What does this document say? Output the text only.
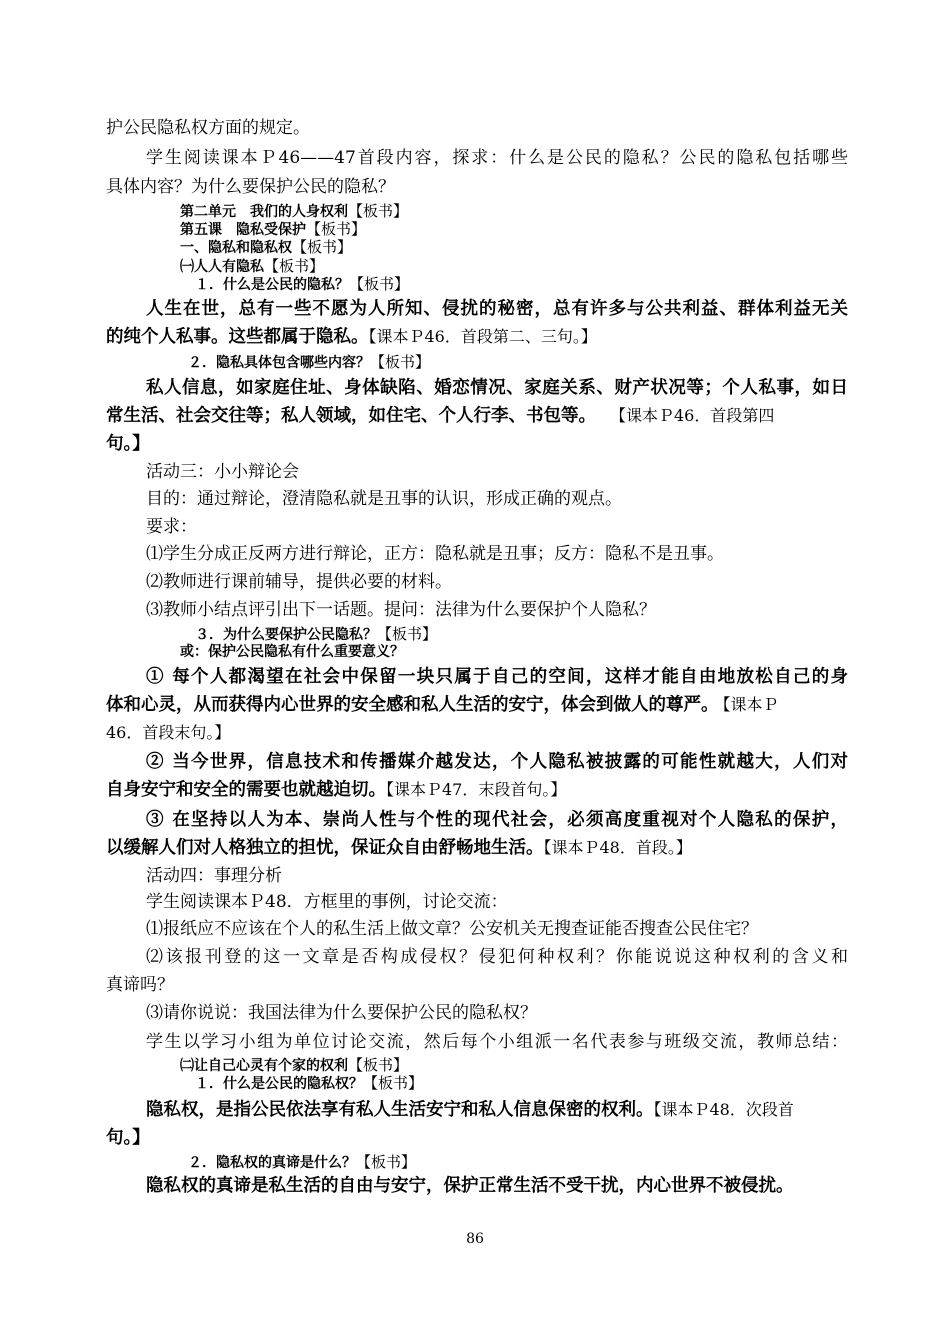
护公民隐私权方面的规定。
学生阅读课本Ｐ46——47首段内容，探求：什么是公民的隐私？公民的隐私包括哪些
具体内容？为什么要保护公民的隐私？
第二单元　我们的人身权利【板书】
第五课　隐私受保护【板书】
一、隐私和隐私权【板书】
㈠人人有隐私【板书】
１．什么是公民的隐私？【板书】
人生在世，总有一些不愿为人所知、侵扰的秘密，总有许多与公共利益、群体利益无关
的纯个人私事。这些都属于隐私。【课本Ｐ46．首段第二、三句。】
２．隐私具体包含哪些内容？【板书】
私人信息，如家庭住址、身体缺陷、婚恋情况、家庭关系、财产状况等；个人私事，如日
常生活、社会交往等；私人领域，如住宅、个人行李、书包等。 【课本Ｐ46．首段第四
句。】
活动三：小小辩论会
目的：通过辩论，澄清隐私就是丑事的认识，形成正确的观点。
要求：
⑴学生分成正反两方进行辩论，正方：隐私就是丑事；反方：隐私不是丑事。
⑵教师进行课前辅导，提供必要的材料。
⑶教师小结点评引出下一话题。提问：法律为什么要保护个人隐私？
３．为什么要保护公民隐私？【板书】
或：保护公民隐私有什么重要意义？
① 每个人都渴望在社会中保留一块只属于自己的空间，这样才能自由地放松自己的身
体和心灵，从而获得内心世界的安全感和私人生活的安宁，体会到做人的尊严。 【课本Ｐ
46．首段末句。】
② 当今世界，信息技术和传播媒介越发达，个人隐私被披露的可能性就越大，人们对
自身安宁和安全的需要也就越迫切。【课本Ｐ47．末段首句。】
③ 在坚持以人为本、崇尚人性与个性的现代社会，必须高度重视对个人隐私的保护，
以缓解人们对人格独立的担忧，保证众自由舒畅地生活。【课本Ｐ48．首段。】
活动四：事理分析
学生阅读课本Ｐ48．方框里的事例，讨论交流：
⑴报纸应不应该在个人的私生活上做文章？公安机关无搜查证能否搜查公民住宅？
⑵该报刊登的这一文章是否构成侵权？侵犯何种权利？你能说说这种权利的含义和
真谛吗？
⑶请你说说：我国法律为什么要保护公民的隐私权？
学生以学习小组为单位讨论交流，然后每个小组派一名代表参与班级交流，教师总结：
㈡让自己心灵有个家的权利【板书】
１．什么是公民的隐私权？【板书】
隐私权，是指公民依法享有私人生活安宁和私人信息保密的权利。【课本Ｐ48．次段首
句。】
２．隐私权的真谛是什么？【板书】
隐私权的真谛是私生活的自由与安宁，保护正常生活不受干扰，内心世界不被侵扰。
86
